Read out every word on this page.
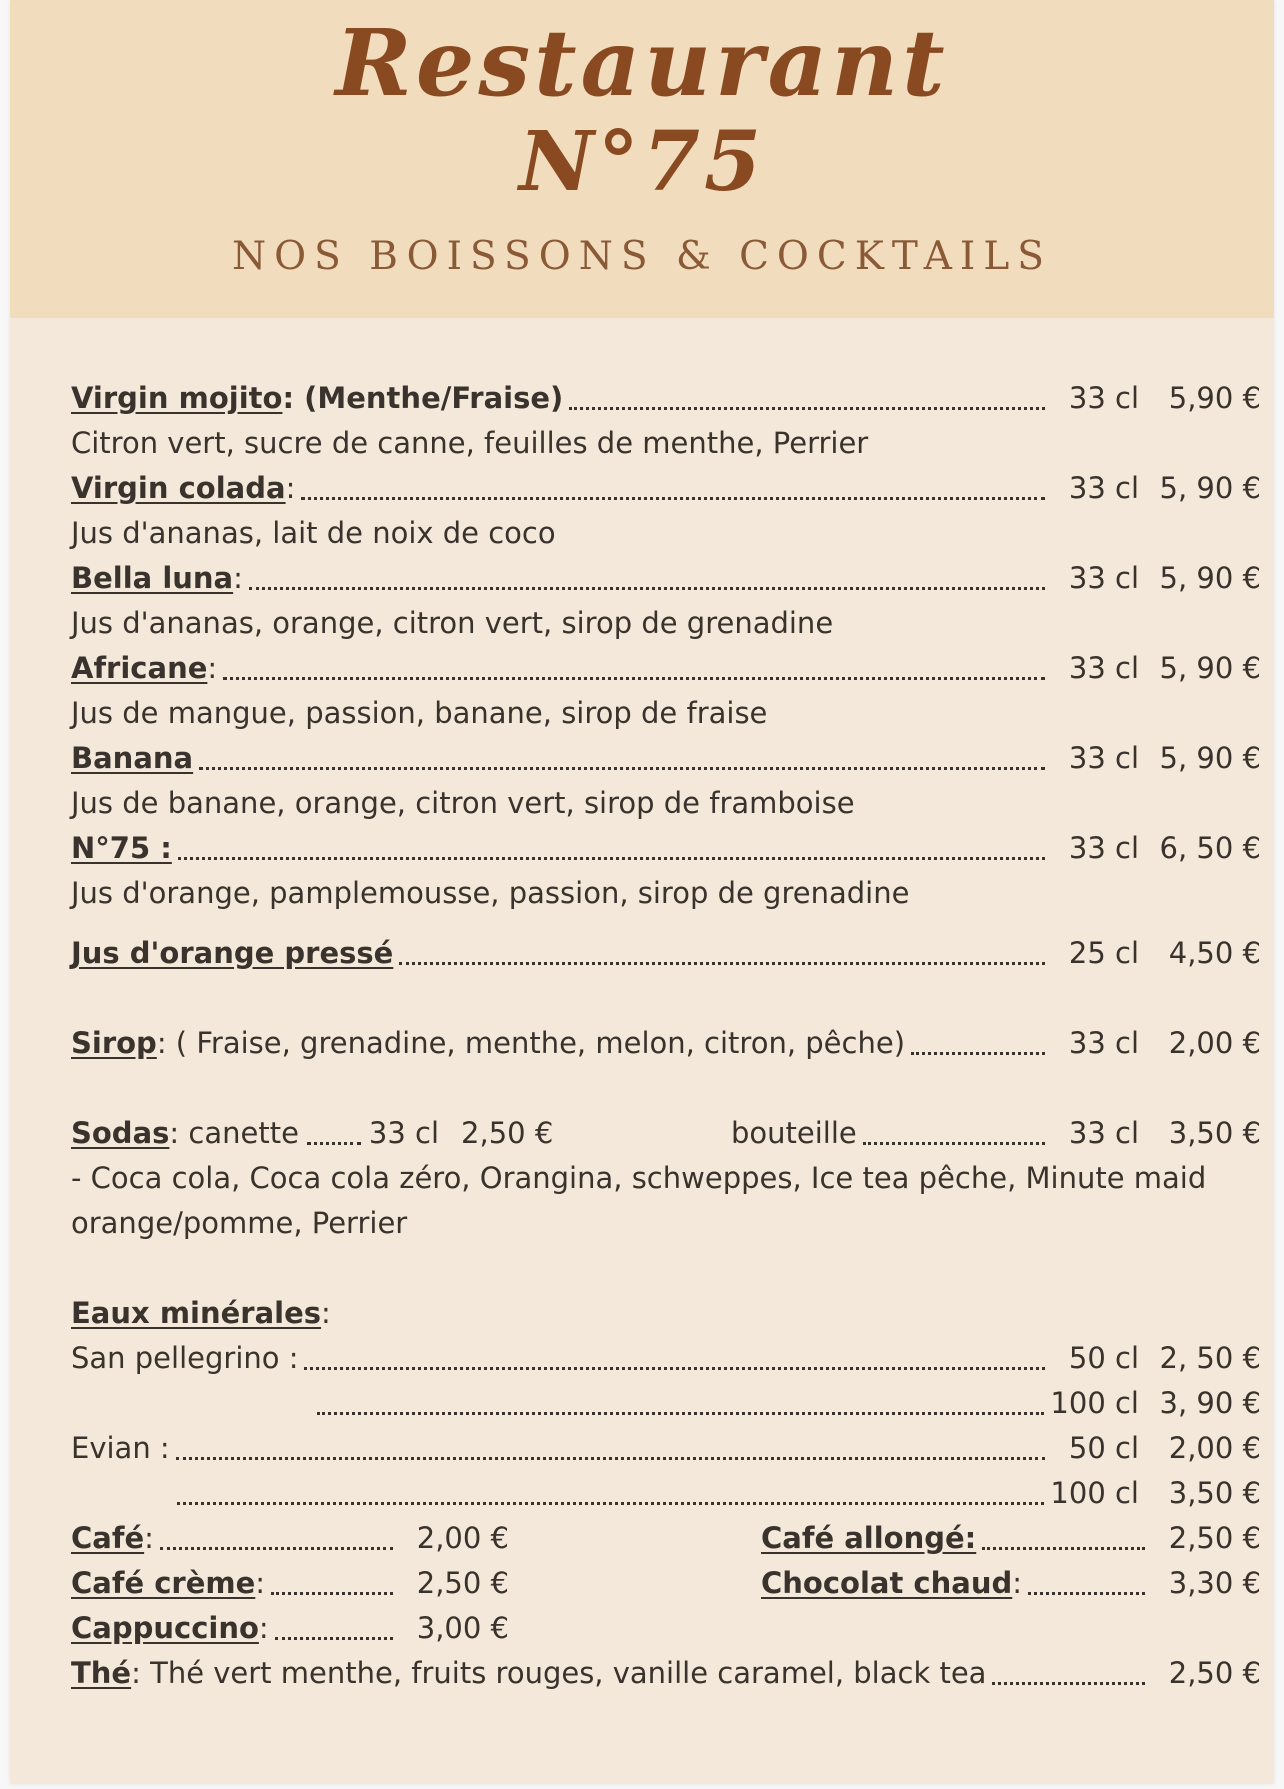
Restaurant
N°75
NOS BOISSONS & COCKTAILS
Virgin mojito : (Menthe/Fraise)	33 cl	5,90 €
Citron vert, sucre de canne, feuilles de menthe, Perrier
Virgin colada :	33 cl 5, 90 €
Jus d'ananas, lait de noix de coco
Bella luna :	33 cl 5, 90 €
Jus d'ananas, orange, citron vert, sirop de grenadine
Africane :	33 cl 5, 90 €
Jus de mangue, passion, banane, sirop de fraise
Banana	33 cl 5, 90 €
Jus de banane, orange, citron vert, sirop de framboise
N°75 :	33 cl 6, 50 €
Jus d'orange, pamplemousse, passion, sirop de grenadine
Jus d'orange pressé	25 cl	4,50 €
Sirop : ( Fraise, grenadine, menthe, melon, citron, pêche)	33 cl	2,00 €
Sodas : canette 33 cl 2,50 €	bouteille	33 cl	3,50 €
- Coca cola, Coca cola zéro, Orangina, schweppes, Ice tea pêche, Minute maid orange/pomme, Perrier
Eaux minérales :
San pellegrino :	50 cl 2, 50 €
100 cl 3, 90 €
Evian :	50 cl	2,00 €
100 cl	3,50 €
Café :	2,00 €	Café allongé:	2,50 €
Café crème :	2,50 €	Chocolat chaud :	3,30 €
Cappuccino :	3,00 €
Thé : Thé vert menthe, fruits rouges, vanille caramel, black tea	2,50 €
